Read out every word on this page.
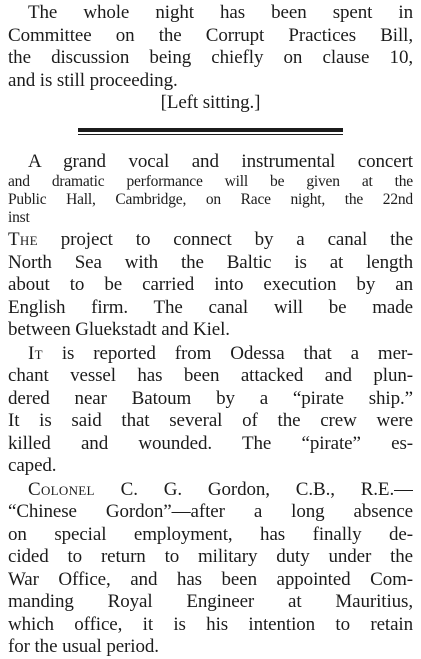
The whole night has been spent in
Committee on the Corrupt Practices Bill,
the discussion being chiefly on clause 10,
and is still proceeding.
[Left sitting.]
A grand vocal and instrumental concert
and dramatic performance will be given at the
Public Hall, Cambridge, on Race night, the 22nd
inst
The project to connect by a canal the
North Sea with the Baltic is at length
about to be carried into execution by an
English firm. The canal will be made
between Gluekstadt and Kiel.
It is reported from Odessa that a mer-
chant vessel has been attacked and plun-
dered near Batoum by a “pirate ship.”
It is said that several of the crew were
killed and wounded. The “pirate” es-
caped.
Colonel C. G. Gordon, C.B., R.E.—
“Chinese Gordon”—after a long absence
on special employment, has finally de-
cided to return to military duty under the
War Office, and has been appointed Com-
manding Royal Engineer at Mauritius,
which office, it is his intention to retain
for the usual period.
